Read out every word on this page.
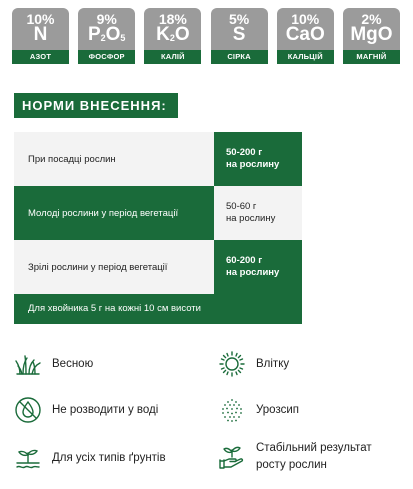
10%
N
АЗОТ
9%
$P_2O_5$
ФОСФОР
18%
$K_2O$
КАЛІЙ
5%
S
СІРКА
10%
CaO
КАЛЬЦІЙ
2%
MgO
МАГНІЙ
НОРМИ ВНЕСЕННЯ:
При посадці рослин
50-200 г
на рослину
Молоді рослини у період вегетації
50-60 г
на рослину
Зрілі рослини у період вегетації
60-200 г
на рослину
Для хвойника 5 г на кожні 10 см висоти
Весною	Влітку
Не розводити у воді	Урозсип
Для усіх типів ґрунтів
Стабільний результат
росту рослин
